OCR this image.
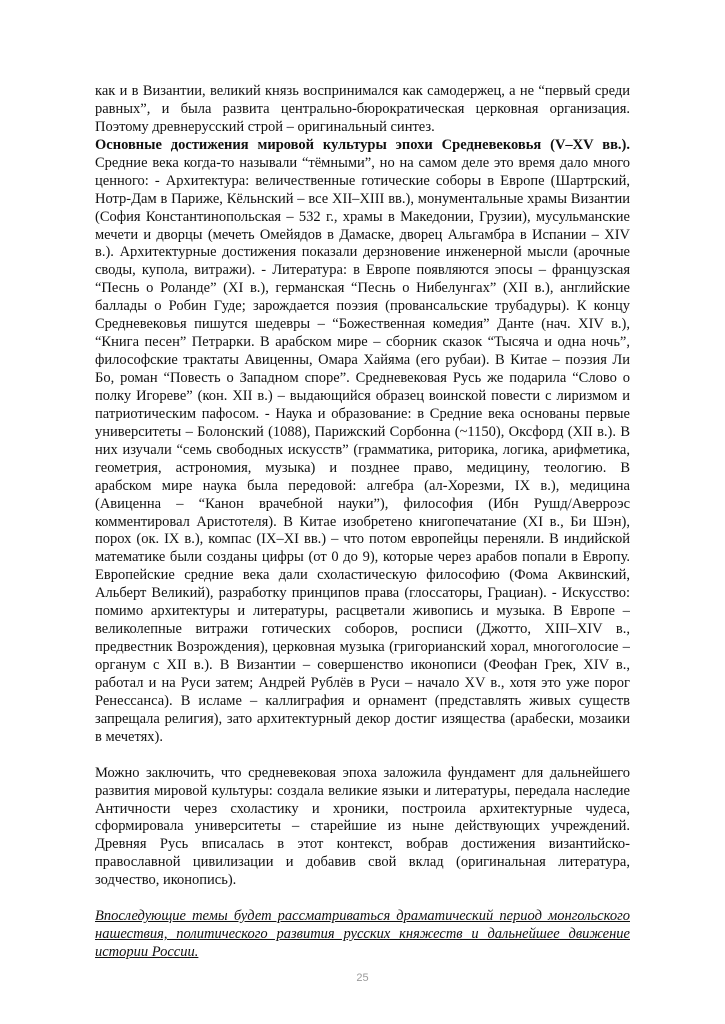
как и в Византии, великий князь воспринимался как самодержец, а не “первый среди
равных”, и была развита центрально-бюрократическая церковная организация.
Поэтому древнерусский строй – оригинальный синтез.
Основные достижения мировой культуры эпохи Средневековья (V–XV вв.).
Средние века когда-то называли “тёмными”, но на самом деле это время дало много
ценного: - Архитектура: величественные готические соборы в Европе (Шартрский,
Нотр-Дам в Париже, Кёльнский – все XII–XIII вв.), монументальные храмы Византии
(София Константинопольская – 532 г., храмы в Македонии, Грузии), мусульманские
мечети и дворцы (мечеть Омейядов в Дамаске, дворец Альгамбра в Испании – XIV
в.). Архитектурные достижения показали дерзновение инженерной мысли (арочные
своды, купола, витражи). - Литература: в Европе появляются эпосы – французская
“Песнь о Роланде” (XI в.), германская “Песнь о Нибелунгах” (XII в.), английские
баллады о Робин Гуде; зарождается поэзия (провансальские трубадуры). К концу
Средневековья пишутся шедевры – “Божественная комедия” Данте (нач. XIV в.),
“Книга песен” Петрарки. В арабском мире – сборник сказок “Тысяча и одна ночь”,
философские трактаты Авиценны, Омара Хайяма (его рубаи). В Китае – поэзия Ли
Бо, роман “Повесть о Западном споре”. Средневековая Русь же подарила “Слово о
полку Игореве” (кон. XII в.) – выдающийся образец воинской повести с лиризмом и
патриотическим пафосом. - Наука и образование: в Средние века основаны первые
университеты – Болонский (1088), Парижский Сорбонна (~1150), Оксфорд (XII в.). В
них изучали “семь свободных искусств” (грамматика, риторика, логика, арифметика,
геометрия, астрономия, музыка) и позднее право, медицину, теологию. В
арабском мире наука была передовой: алгебра (ал-Хорезми, IX в.), медицина
(Авиценна – “Канон врачебной науки”), философия (Ибн Рушд/Аверроэс
комментировал Аристотеля). В Китае изобретено книгопечатание (XI в., Би Шэн),
порох (ок. IX в.), компас (IX–XI вв.) – что потом европейцы переняли. В индийской
математике были созданы цифры (от 0 до 9), которые через арабов попали в Европу.
Европейские средние века дали схоластическую философию (Фома Аквинский,
Альберт Великий), разработку принципов права (глоссаторы, Грациан). - Искусство:
помимо архитектуры и литературы, расцветали живопись и музыка. В Европе –
великолепные витражи готических соборов, росписи (Джотто, XIII–XIV в.,
предвестник Возрождения), церковная музыка (григорианский хорал, многоголосие –
органум с XII в.). В Византии – совершенство иконописи (Феофан Грек, XIV в.,
работал и на Руси затем; Андрей Рублёв в Руси – начало XV в., хотя это уже порог
Ренессанса). В исламе – каллиграфия и орнамент (представлять живых существ
запрещала религия), зато архитектурный декор достиг изящества (арабески, мозаики
в мечетях).
Можно заключить, что средневековая эпоха заложила фундамент для дальнейшего
развития мировой культуры: создала великие языки и литературы, передала наследие
Античности через схоластику и хроники, построила архитектурные чудеса,
сформировала университеты – старейшие из ныне действующих учреждений.
Древняя Русь вписалась в этот контекст, вобрав достижения византийско-
православной цивилизации и добавив свой вклад (оригинальная литература,
зодчество, иконопись).
Впоследующие темы будет рассматриваться драматический период монгольского
нашествия, политического развития русских княжеств и дальнейшее движение
истории России.
25
